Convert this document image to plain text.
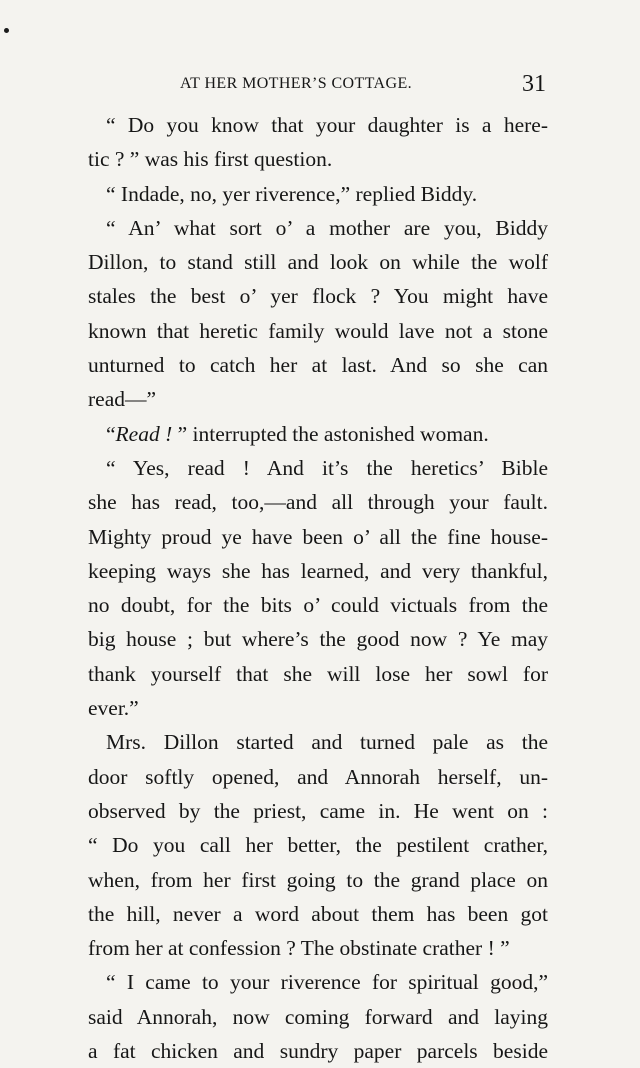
AT HER MOTHER’S COTTAGE.	31
“ Do you know that your daughter is a here-
tic ? ” was his first question.
“ Indade, no, yer riverence,” replied Biddy.
“ An’ what sort o’ a mother are you, Biddy
Dillon, to stand still and look on while the wolf
stales the best o’ yer flock ? You might have
known that heretic family would lave not a stone
unturned to catch her at last. And so she can
read—”
“Read ! ” interrupted the astonished woman.
“ Yes, read ! And it’s the heretics’ Bible
she has read, too,—and all through your fault.
Mighty proud ye have been o’ all the fine house-
keeping ways she has learned, and very thankful,
no doubt, for the bits o’ could victuals from the
big house ; but where’s the good now ? Ye may
thank yourself that she will lose her sowl for
ever.”
Mrs. Dillon started and turned pale as the
door softly opened, and Annorah herself, un-
observed by the priest, came in. He went on :
“ Do you call her better, the pestilent crather,
when, from her first going to the grand place on
the hill, never a word about them has been got
from her at confession ? The obstinate crather ! ”
“ I came to your riverence for spiritual good,”
said Annorah, now coming forward and laying
a fat chicken and sundry paper parcels beside
